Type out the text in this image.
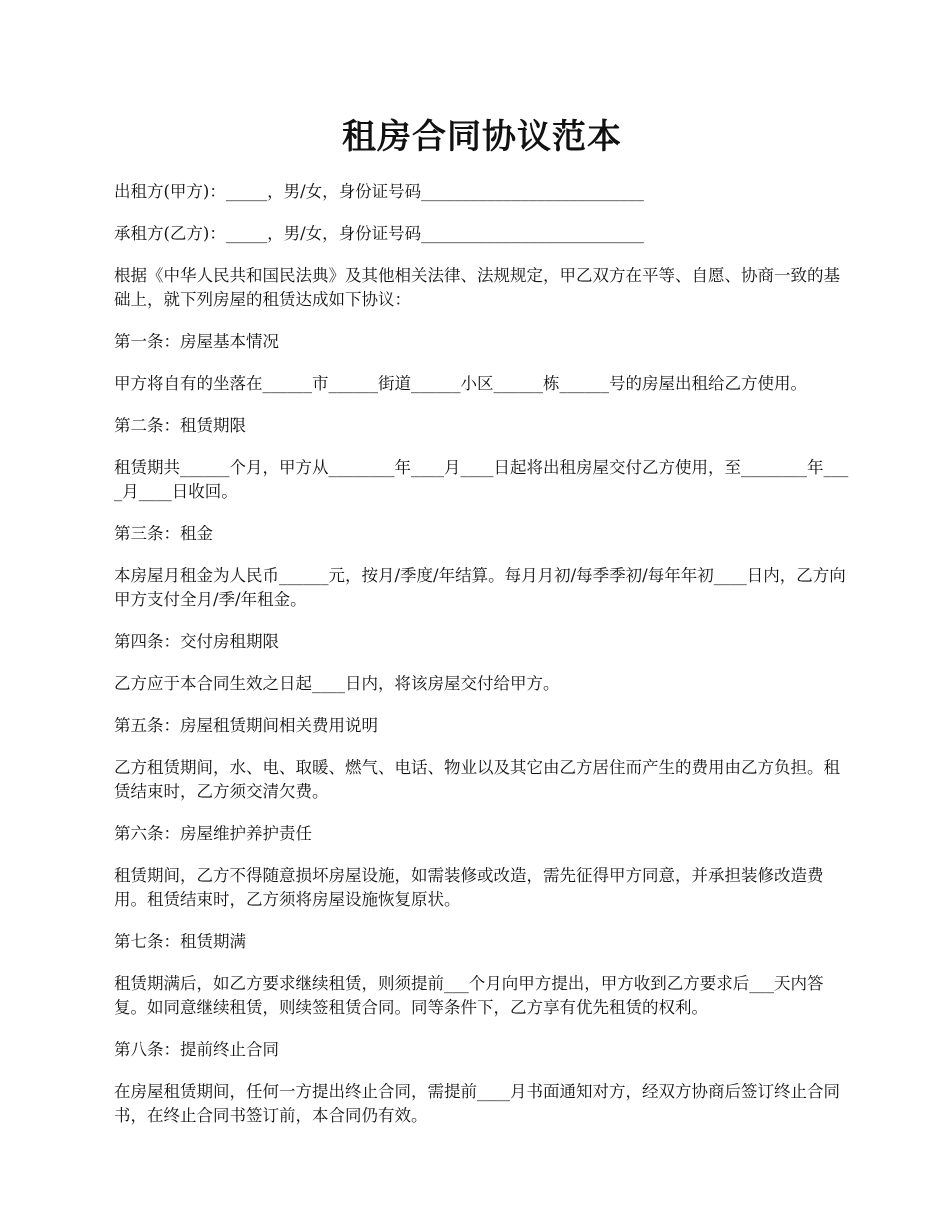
租房合同协议范本

出租方(甲方)：_____，男/女，身份证号码___________________________

承租方(乙方)：_____，男/女，身份证号码___________________________

根据《中华人民共和国民法典》及其他相关法律、法规规定，甲乙双方在平等、自愿、协商一致的基础上，就下列房屋的租赁达成如下协议：

第一条：房屋基本情况

甲方将自有的坐落在______市______街道______小区______栋______号的房屋出租给乙方使用。

第二条：租赁期限

租赁期共______个月，甲方从________年____月____日起将出租房屋交付乙方使用，至________年____月____日收回。

第三条：租金

本房屋月租金为人民币______元，按月/季度/年结算。每月月初/每季季初/每年年初____日内，乙方向甲方支付全月/季/年租金。

第四条：交付房租期限

乙方应于本合同生效之日起____日内，将该房屋交付给甲方。

第五条：房屋租赁期间相关费用说明

乙方租赁期间，水、电、取暖、燃气、电话、物业以及其它由乙方居住而产生的费用由乙方负担。租赁结束时，乙方须交清欠费。

第六条：房屋维护养护责任

租赁期间，乙方不得随意损坏房屋设施，如需装修或改造，需先征得甲方同意，并承担装修改造费用。租赁结束时，乙方须将房屋设施恢复原状。

第七条：租赁期满

租赁期满后，如乙方要求继续租赁，则须提前___个月向甲方提出，甲方收到乙方要求后___天内答复。如同意继续租赁，则续签租赁合同。同等条件下，乙方享有优先租赁的权利。

第八条：提前终止合同

在房屋租赁期间，任何一方提出终止合同，需提前____月书面通知对方，经双方协商后签订终止合同书，在终止合同书签订前，本合同仍有效。
